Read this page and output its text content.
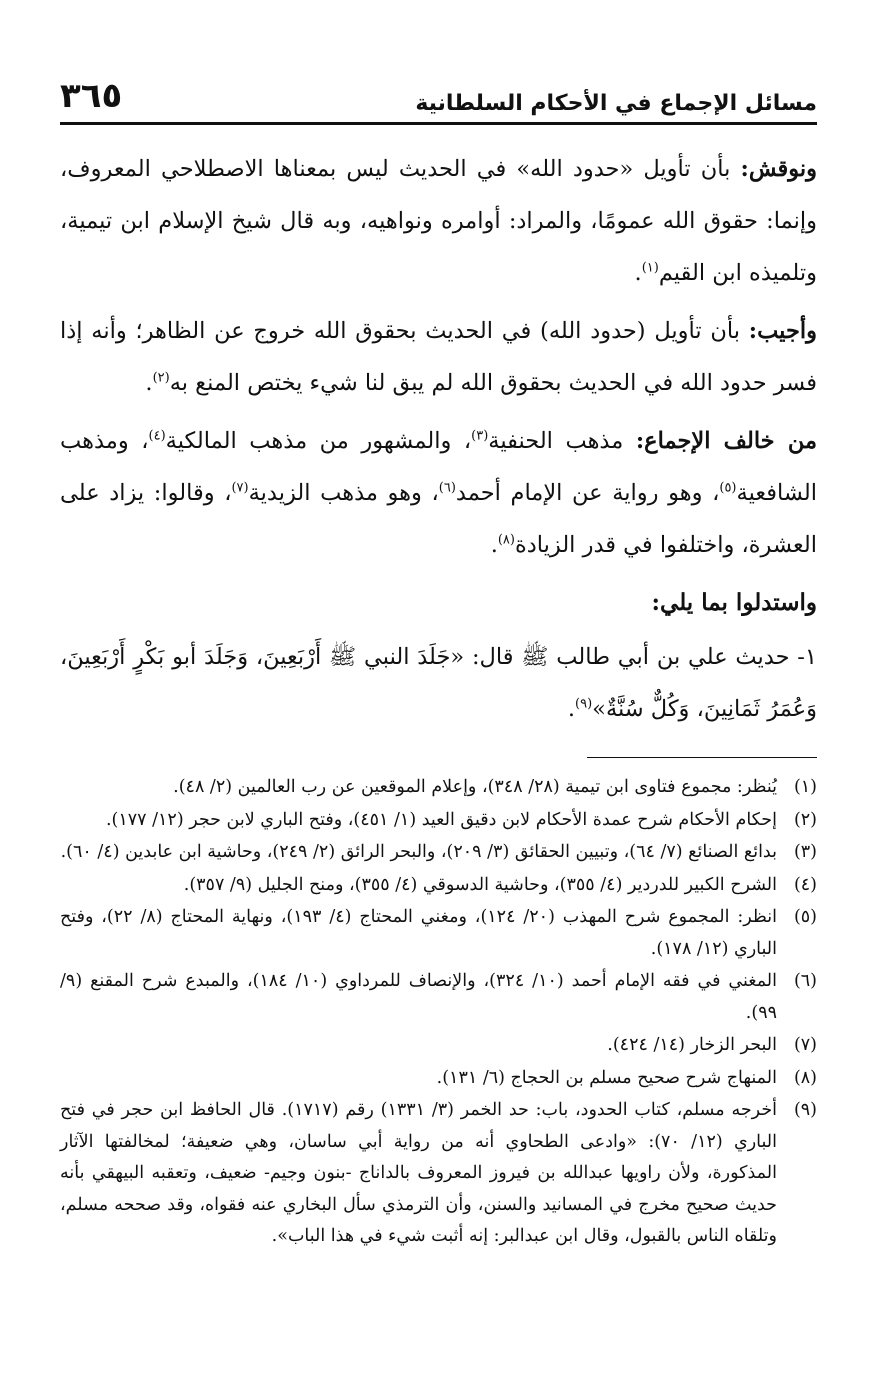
مسائل الإجماع في الأحكام السلطانية
٣٦٥

ونوقش: بأن تأويل «حدود الله» في الحديث ليس بمعناها الاصطلاحي المعروف، وإنما: حقوق الله عمومًا، والمراد: أوامره ونواهيه، وبه قال شيخ الإسلام ابن تيمية، وتلميذه ابن القيم$^{(١)}$.

وأجيب: بأن تأويل (حدود الله) في الحديث بحقوق الله خروج عن الظاهر؛ وأنه إذا فسر حدود الله في الحديث بحقوق الله لم يبق لنا شيء يختص المنع به$^{(٢)}$.

من خالف الإجماع: مذهب الحنفية$^{(٣)}$، والمشهور من مذهب المالكية$^{(٤)}$، ومذهب الشافعية$^{(٥)}$، وهو رواية عن الإمام أحمد$^{(٦)}$، وهو مذهب الزيدية$^{(٧)}$، وقالوا: يزاد على العشرة، واختلفوا في قدر الزيادة$^{(٨)}$.

واستدلوا بما يلي:
١- حديث علي بن أبي طالب ﷺ قال: «جَلَدَ النبي ﷺ أَرْبَعِينَ، وَجَلَدَ أبو بَكْرٍ أَرْبَعِينَ، وَعُمَرُ ثَمَانِينَ، وَكُلٌّ سُنَّةٌ»$^{(٩)}$.
(١)
يُنظر: مجموع فتاوى ابن تيمية (٢٨/ ٣٤٨)، وإعلام الموقعين عن رب العالمين (٢/ ٤٨).
(٢)
إحكام الأحكام شرح عمدة الأحكام لابن دقيق العيد (١/ ٤٥١)، وفتح الباري لابن حجر (١٢/ ١٧٧).
(٣)
بدائع الصنائع (٧/ ٦٤)، وتبيين الحقائق (٣/ ٢٠٩)، والبحر الرائق (٢/ ٢٤٩)، وحاشية ابن عابدين (٤/ ٦٠).
(٤)
الشرح الكبير للدردير (٤/ ٣٥٥)، وحاشية الدسوقي (٤/ ٣٥٥)، ومنح الجليل (٩/ ٣٥٧).
(٥)
انظر: المجموع شرح المهذب (٢٠/ ١٢٤)، ومغني المحتاج (٤/ ١٩٣)، ونهاية المحتاج (٨/ ٢٢)، وفتح الباري (١٢/ ١٧٨).
(٦)
المغني في فقه الإمام أحمد (١٠/ ٣٢٤)، والإنصاف للمرداوي (١٠/ ١٨٤)، والمبدع شرح المقنع (٩/ ٩٩).
(٧)
البحر الزخار (١٤/ ٤٢٤).
(٨)
المنهاج شرح صحيح مسلم بن الحجاج (٦/ ١٣١).
(٩)
أخرجه مسلم، كتاب الحدود، باب: حد الخمر (٣/ ١٣٣١) رقم (١٧١٧). قال الحافظ ابن حجر في فتح الباري (١٢/ ٧٠): «وادعى الطحاوي أنه من رواية أبي ساسان، وهي ضعيفة؛ لمخالفتها الآثار المذكورة، ولأن راويها عبدالله بن فيروز المعروف بالداناج -بنون وجيم- ضعيف، وتعقبه البيهقي بأنه حديث صحيح مخرج في المسانيد والسنن، وأن الترمذي سأل البخاري عنه فقواه، وقد صححه مسلم، وتلقاه الناس بالقبول، وقال ابن عبدالبر: إنه أثبت شيء في هذا الباب».
